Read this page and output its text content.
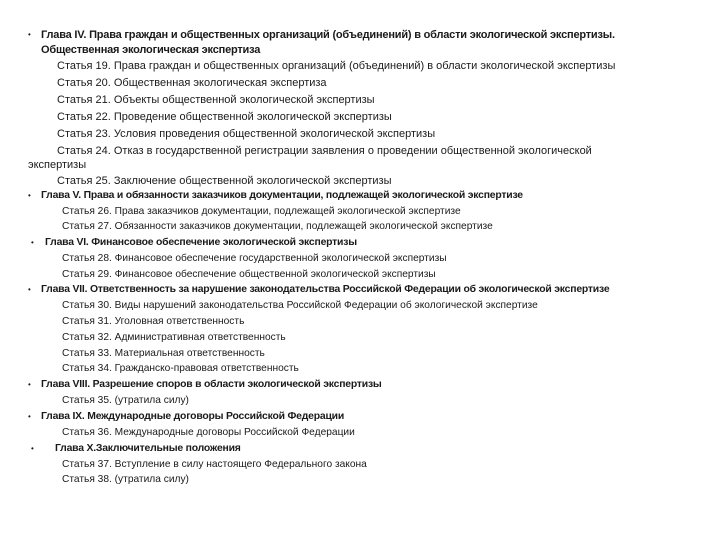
• Глава IV. Права граждан и общественных организаций (объединений) в области экологической экспертизы.
Общественная экологическая экспертиза
Статья 19. Права граждан и общественных организаций (объединений) в области экологической экспертизы
Статья 20. Общественная экологическая экспертиза
Статья 21. Объекты общественной экологической экспертизы
Статья 22. Проведение общественной экологической экспертизы
Статья 23. Условия проведения общественной экологической экспертизы
Статья 24. Отказ в государственной регистрации заявления о проведении общественной экологической
экспертизы
Статья 25. Заключение общественной экологической экспертизы
• Глава V. Права и обязанности заказчиков документации, подлежащей экологической экспертизе
Статья 26. Права заказчиков документации, подлежащей экологической экспертизе
Статья 27. Обязанности заказчиков документации, подлежащей экологической экспертизе
• Глава VI. Финансовое обеспечение экологической экспертизы
Статья 28. Финансовое обеспечение государственной экологической экспертизы
Статья 29. Финансовое обеспечение общественной экологической экспертизы
• Глава VII. Ответственность за нарушение законодательства Российской Федерации об экологической экспертизе
Статья 30. Виды нарушений законодательства Российской Федерации об экологической экспертизе
Статья 31. Уголовная ответственность
Статья 32. Административная ответственность
Статья 33. Материальная ответственность
Статья 34. Гражданско-правовая ответственность
• Глава VIII. Разрешение споров в области экологической экспертизы
Статья 35. (утратила силу)
• Глава IX. Международные договоры Российской Федерации
Статья 36. Международные договоры Российской Федерации
• Глава X.Заключительные положения
Статья 37. Вступление в силу настоящего Федерального закона
Статья 38. (утратила силу)
